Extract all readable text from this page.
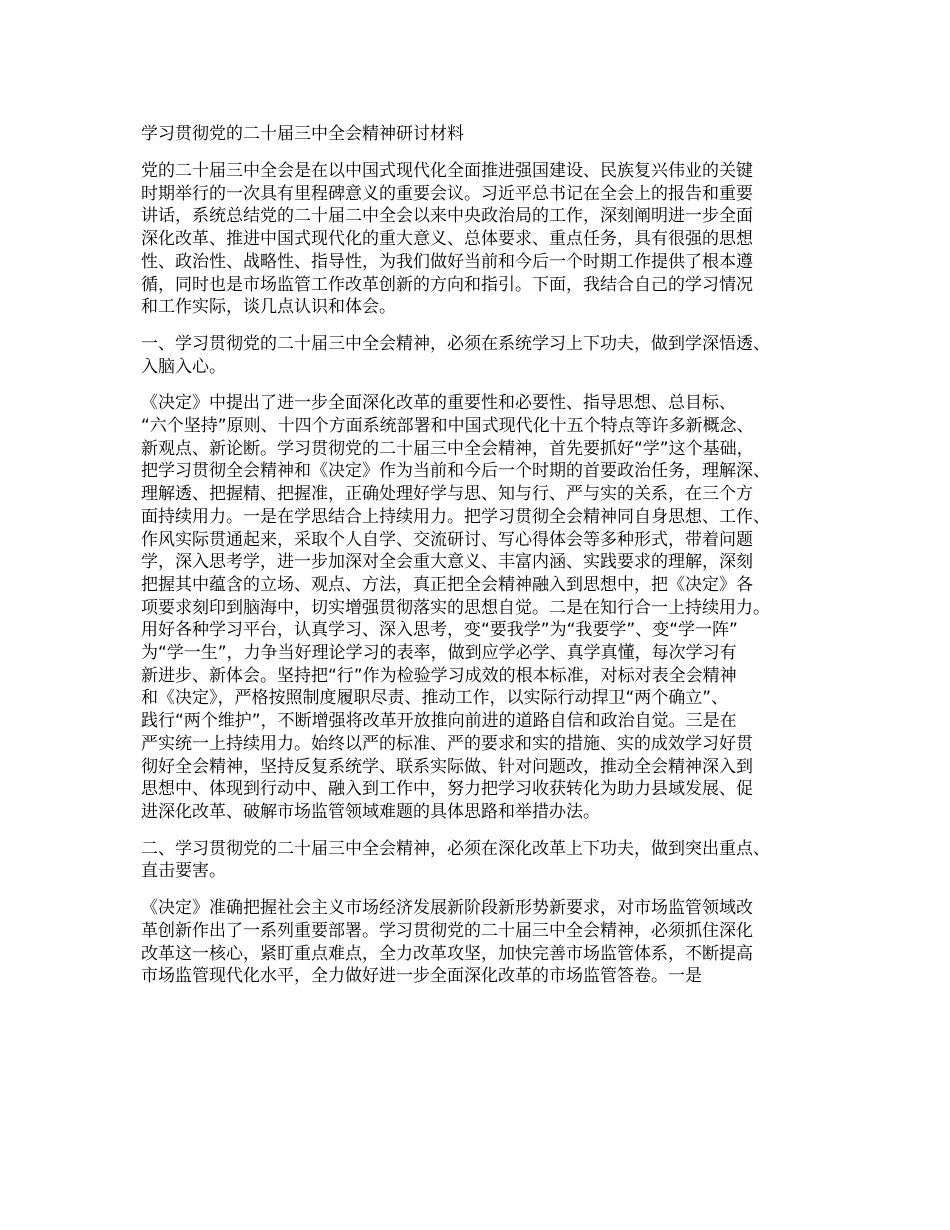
学习贯彻党的二十届三中全会精神研讨材料
党的二十届三中全会是在以中国式现代化全面推进强国建设、民族复兴伟业的关键
时期举行的一次具有里程碑意义的重要会议。习近平总书记在全会上的报告和重要
讲话，系统总结党的二十届二中全会以来中央政治局的工作，深刻阐明进一步全面
深化改革、推进中国式现代化的重大意义、总体要求、重点任务，具有很强的思想
性、政治性、战略性、指导性，为我们做好当前和今后一个时期工作提供了根本遵
循，同时也是市场监管工作改革创新的方向和指引。下面，我结合自己的学习情况
和工作实际，谈几点认识和体会。
一、学习贯彻党的二十届三中全会精神，必须在系统学习上下功夫，做到学深悟透、
入脑入心。
《决定》中提出了进一步全面深化改革的重要性和必要性、指导思想、总目标、
“六个坚持”原则、十四个方面系统部署和中国式现代化十五个特点等许多新概念、
新观点、新论断。学习贯彻党的二十届三中全会精神，首先要抓好“学”这个基础，
把学习贯彻全会精神和《决定》作为当前和今后一个时期的首要政治任务，理解深、
理解透、把握精、把握准，正确处理好学与思、知与行、严与实的关系，在三个方
面持续用力。一是在学思结合上持续用力。把学习贯彻全会精神同自身思想、工作、
作风实际贯通起来，采取个人自学、交流研讨、写心得体会等多种形式，带着问题
学，深入思考学，进一步加深对全会重大意义、丰富内涵、实践要求的理解，深刻
把握其中蕴含的立场、观点、方法，真正把全会精神融入到思想中，把《决定》各
项要求刻印到脑海中，切实增强贯彻落实的思想自觉。二是在知行合一上持续用力。
用好各种学习平台，认真学习、深入思考，变“要我学”为“我要学”、变“学一阵”
为“学一生”，力争当好理论学习的表率，做到应学必学、真学真懂，每次学习有
新进步、新体会。坚持把“行”作为检验学习成效的根本标准，对标对表全会精神
和《决定》，严格按照制度履职尽责、推动工作，以实际行动捍卫“两个确立”、
践行“两个维护”，不断增强将改革开放推向前进的道路自信和政治自觉。三是在
严实统一上持续用力。始终以严的标准、严的要求和实的措施、实的成效学习好贯
彻好全会精神，坚持反复系统学、联系实际做、针对问题改，推动全会精神深入到
思想中、体现到行动中、融入到工作中，努力把学习收获转化为助力县域发展、促
进深化改革、破解市场监管领域难题的具体思路和举措办法。
二、学习贯彻党的二十届三中全会精神，必须在深化改革上下功夫，做到突出重点、
直击要害。
《决定》准确把握社会主义市场经济发展新阶段新形势新要求，对市场监管领域改
革创新作出了一系列重要部署。学习贯彻党的二十届三中全会精神，必须抓住深化
改革这一核心，紧盯重点难点，全力改革攻坚，加快完善市场监管体系，不断提高
市场监管现代化水平，全力做好进一步全面深化改革的市场监管答卷。一是
